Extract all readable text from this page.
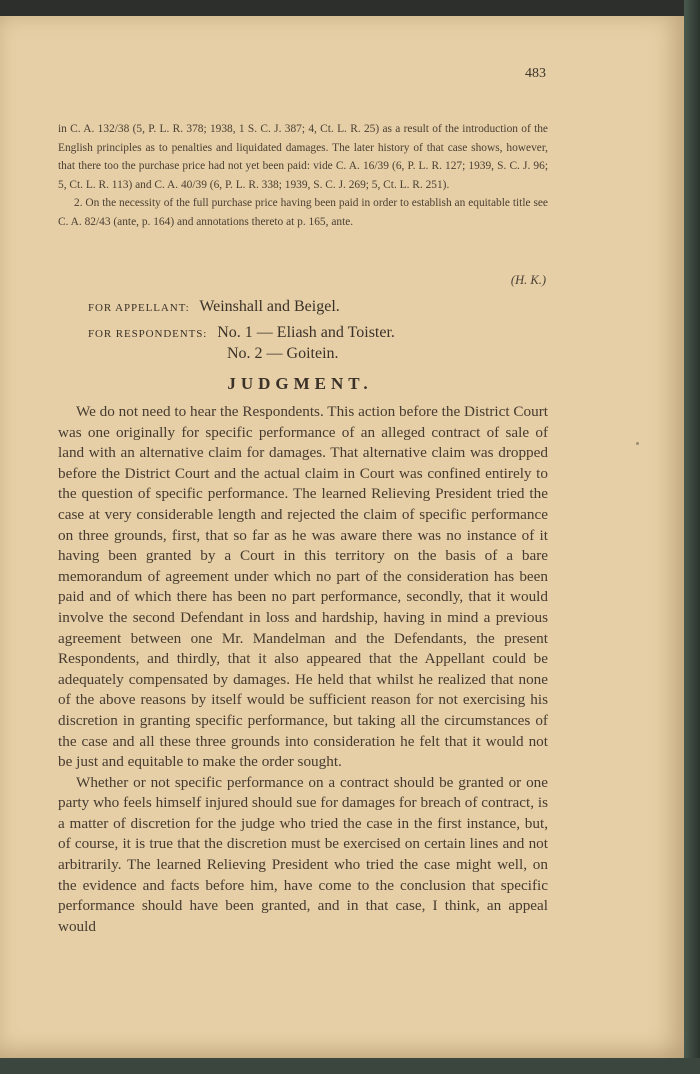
483

in C. A. 132/38 (5, P. L. R. 378; 1938, 1 S. C. J. 387; 4, Ct. L. R. 25) as a result of the introduction of the English principles as to penalties and liquidated damages. The later history of that case shows, however, that there too the purchase price had not yet been paid: vide C. A. 16/39 (6, P. L. R. 127; 1939, S. C. J. 96; 5, Ct. L. R. 113) and C. A. 40/39 (6, P. L. R. 338; 1939, S. C. J. 269; 5, Ct. L. R. 251).

2. On the necessity of the full purchase price having been paid in order to establish an equitable title see C. A. 82/43 (ante, p. 164) and annotations thereto at p. 165, ante.

(H. K.)
FOR APPELLANT: Weinshall and Beigel.
FOR RESPONDENTS: No. 1 — Eliash and Toister.
No. 2 — Goitein.
JUDGMENT.

We do not need to hear the Respondents. This action before the District Court was one originally for specific performance of an alleged contract of sale of land with an alternative claim for damages. That alternative claim was dropped before the District Court and the actual claim in Court was confined entirely to the question of specific performance. The learned Relieving President tried the case at very considerable length and rejected the claim of specific performance on three grounds, first, that so far as he was aware there was no instance of it having been granted by a Court in this territory on the basis of a bare memorandum of agreement under which no part of the consideration has been paid and of which there has been no part performance, secondly, that it would involve the second Defendant in loss and hardship, having in mind a previous agreement between one Mr. Mandelman and the Defendants, the present Respondents, and thirdly, that it also appeared that the Appellant could be adequately compensated by damages. He held that whilst he realized that none of the above reasons by itself would be sufficient reason for not exercising his discretion in granting specific performance, but taking all the circumstances of the case and all these three grounds into consideration he felt that it would not be just and equitable to make the order sought.

Whether or not specific performance on a contract should be granted or one party who feels himself injured should sue for damages for breach of contract, is a matter of discretion for the judge who tried the case in the first instance, but, of course, it is true that the discretion must be exercised on certain lines and not arbitrarily. The learned Relieving President who tried the case might well, on the evidence and facts before him, have come to the conclusion that specific performance should have been granted, and in that case, I think, an appeal would
